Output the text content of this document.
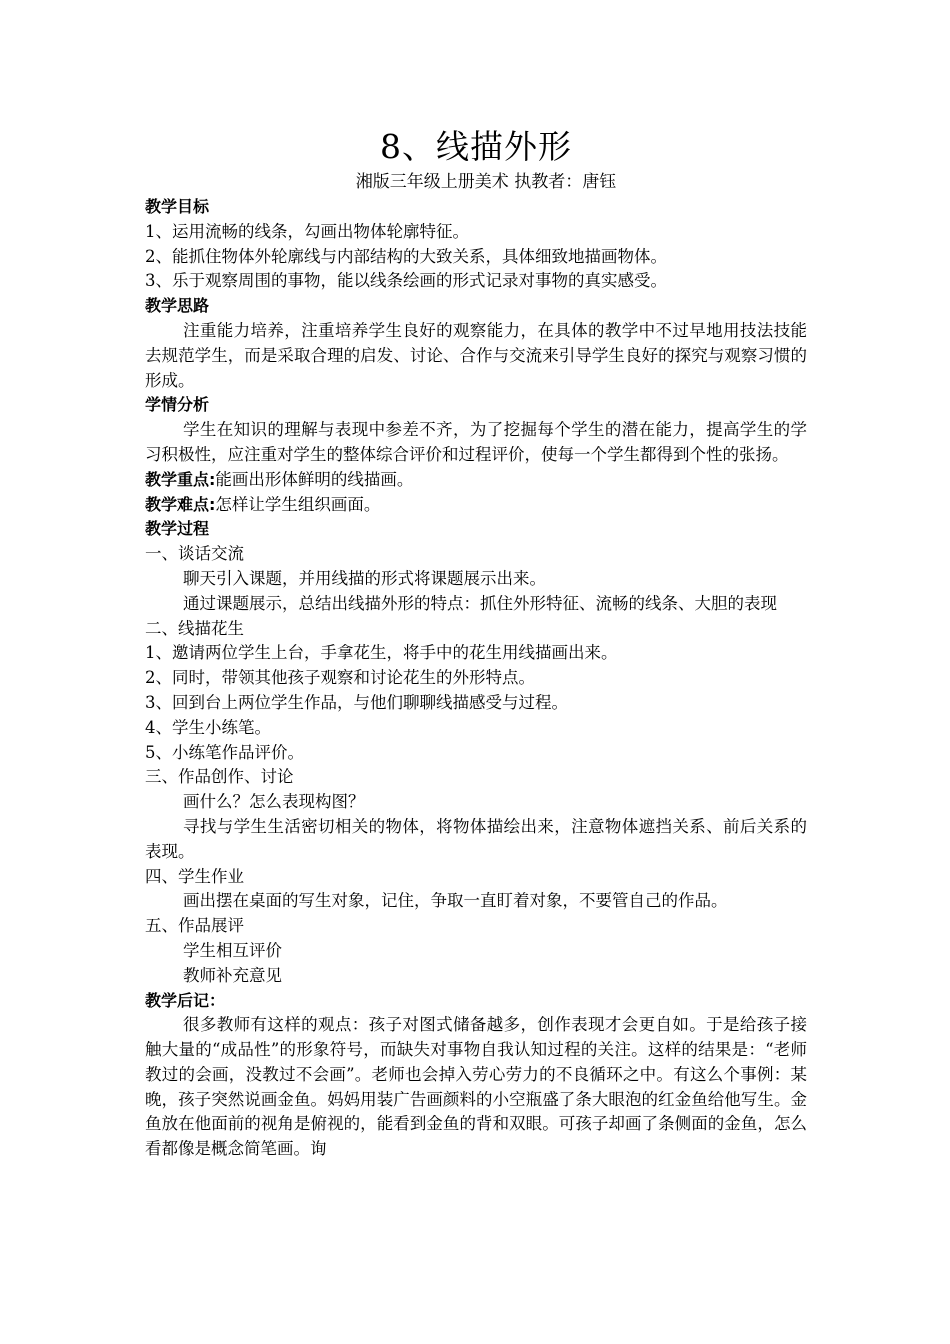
8、线描外形

湘版三年级上册美术 执教者：唐钰

教学目标

1、运用流畅的线条，勾画出物体轮廓特征。

2、能抓住物体外轮廓线与内部结构的大致关系，具体细致地描画物体。

3、乐于观察周围的事物，能以线条绘画的形式记录对事物的真实感受。

教学思路

注重能力培养，注重培养学生良好的观察能力，在具体的教学中不过早地用技法技能去规范学生，而是采取合理的启发、讨论、合作与交流来引导学生良好的探究与观察习惯的形成。

学情分析

学生在知识的理解与表现中参差不齐，为了挖掘每个学生的潜在能力，提高学生的学习积极性，应注重对学生的整体综合评价和过程评价，使每一个学生都得到个性的张扬。

教学重点:能画出形体鲜明的线描画。

教学难点:怎样让学生组织画面。

教学过程

一、谈话交流

聊天引入课题，并用线描的形式将课题展示出来。

通过课题展示，总结出线描外形的特点：抓住外形特征、流畅的线条、大胆的表现

二、线描花生

1、邀请两位学生上台，手拿花生，将手中的花生用线描画出来。

2、同时，带领其他孩子观察和讨论花生的外形特点。

3、回到台上两位学生作品，与他们聊聊线描感受与过程。

4、学生小练笔。

5、小练笔作品评价。

三、作品创作、讨论

画什么？怎么表现构图？

寻找与学生生活密切相关的物体，将物体描绘出来，注意物体遮挡关系、前后关系的表现。

四、学生作业

画出摆在桌面的写生对象，记住，争取一直盯着对象，不要管自己的作品。

五、作品展评

学生相互评价

教师补充意见

教学后记：

很多教师有这样的观点：孩子对图式储备越多，创作表现才会更自如。于是给孩子接触大量的“成品性”的形象符号，而缺失对事物自我认知过程的关注。这样的结果是：“老师教过的会画，没教过不会画”。老师也会掉入劳心劳力的不良循环之中。有这么个事例：某晚，孩子突然说画金鱼。妈妈用装广告画颜料的小空瓶盛了条大眼泡的红金鱼给他写生。金鱼放在他面前的视角是俯视的，能看到金鱼的背和双眼。可孩子却画了条侧面的金鱼，怎么看都像是概念简笔画。询
